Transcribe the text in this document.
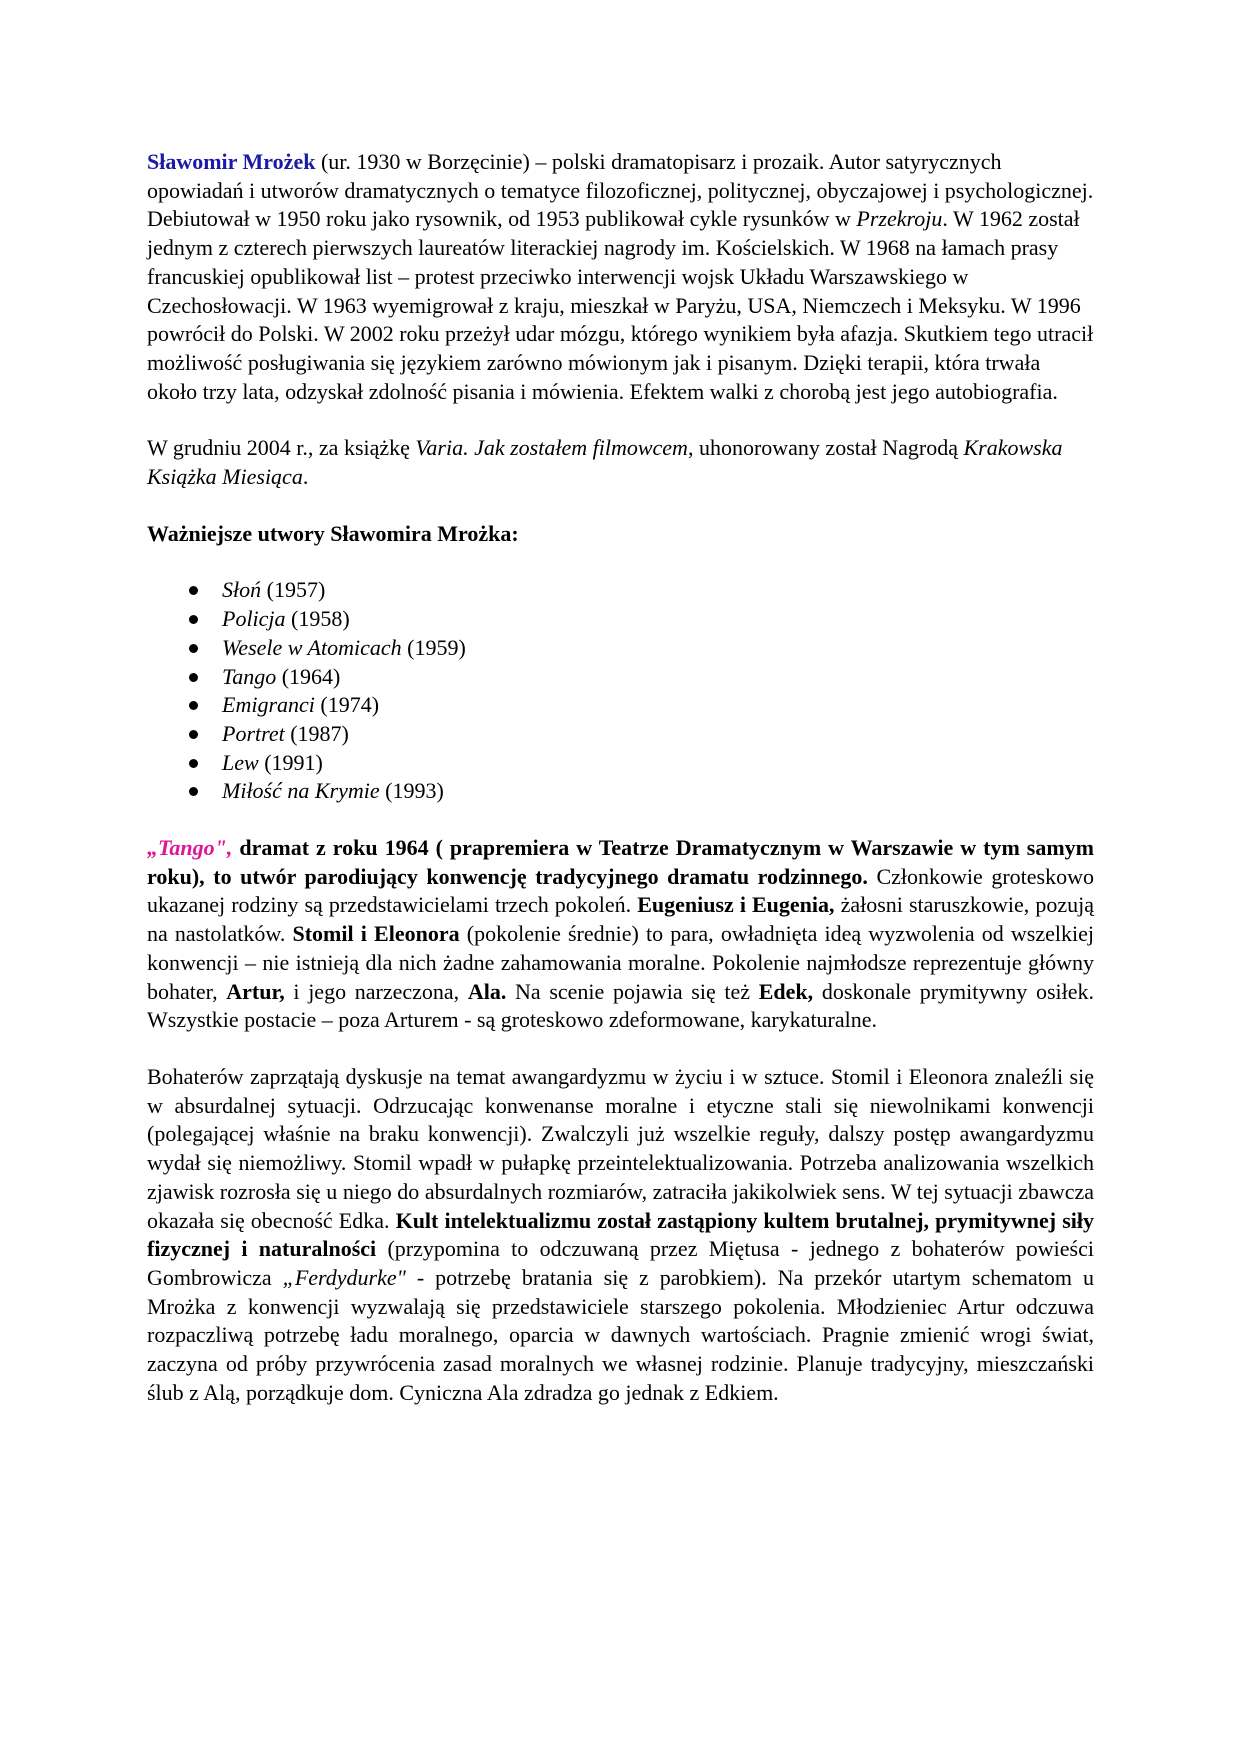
Sławomir Mrożek (ur. 1930 w Borzęcinie) – polski dramatopisarz i prozaik. Autor satyrycznych opowiadań i utworów dramatycznych o tematyce filozoficznej, politycznej, obyczajowej i psychologicznej. Debiutował w 1950 roku jako rysownik, od 1953 publikował cykle rysunków w Przekroju. W 1962 został jednym z czterech pierwszych laureatów literackiej nagrody im. Kościelskich. W 1968 na łamach prasy francuskiej opublikował list – protest przeciwko interwencji wojsk Układu Warszawskiego w Czechosłowacji. W 1963 wyemigrował z kraju, mieszkał w Paryżu, USA, Niemczech i Meksyku. W 1996 powrócił do Polski. W 2002 roku przeżył udar mózgu, którego wynikiem była afazja. Skutkiem tego utracił możliwość posługiwania się językiem zarówno mówionym jak i pisanym. Dzięki terapii, która trwała około trzy lata, odzyskał zdolność pisania i mówienia. Efektem walki z chorobą jest jego autobiografia.

W grudniu 2004 r., za książkę Varia. Jak zostałem filmowcem, uhonorowany został Nagrodą Krakowska Książka Miesiąca.

Ważniejsze utwory Sławomira Mrożka:

Słoń (1957)
Policja (1958)
Wesele w Atomicach (1959)
Tango (1964)
Emigranci (1974)
Portret (1987)
Lew (1991)
Miłość na Krymie (1993)

„Tango", dramat z roku 1964 ( prapremiera w Teatrze Dramatycznym w Warszawie w tym samym roku), to utwór parodiujący konwencję tradycyjnego dramatu rodzinnego. Członkowie groteskowo ukazanej rodziny są przedstawicielami trzech pokoleń. Eugeniusz i Eugenia, żałosni staruszkowie, pozują na nastolatków. Stomil i Eleonora (pokolenie średnie) to para, owładnięta ideą wyzwolenia od wszelkiej konwencji – nie istnieją dla nich żadne zahamowania moralne. Pokolenie najmłodsze reprezentuje główny bohater, Artur, i jego narzeczona, Ala. Na scenie pojawia się też Edek, doskonale prymitywny osiłek. Wszystkie postacie – poza Arturem - są groteskowo zdeformowane, karykaturalne.

Bohaterów zaprzątają dyskusje na temat awangardyzmu w życiu i w sztuce. Stomil i Eleonora znaleźli się w absurdalnej sytuacji. Odrzucając konwenanse moralne i etyczne stali się niewolnikami konwencji (polegającej właśnie na braku konwencji). Zwalczyli już wszelkie reguły, dalszy postęp awangardyzmu wydał się niemożliwy. Stomil wpadł w pułapkę przeintelektualizowania. Potrzeba analizowania wszelkich zjawisk rozrosła się u niego do absurdalnych rozmiarów, zatraciła jakikolwiek sens. W tej sytuacji zbawcza okazała się obecność Edka. Kult intelektualizmu został zastąpiony kultem brutalnej, prymitywnej siły fizycznej i naturalności (przypomina to odczuwaną przez Miętusa - jednego z bohaterów powieści Gombrowicza „Ferdydurke" - potrzebę bratania się z parobkiem). Na przekór utartym schematom u Mrożka z konwencji wyzwalają się przedstawiciele starszego pokolenia. Młodzieniec Artur odczuwa rozpaczliwą potrzebę ładu moralnego, oparcia w dawnych wartościach. Pragnie zmienić wrogi świat, zaczyna od próby przywrócenia zasad moralnych we własnej rodzinie. Planuje tradycyjny, mieszczański ślub z Alą, porządkuje dom. Cyniczna Ala zdradza go jednak z Edkiem.
